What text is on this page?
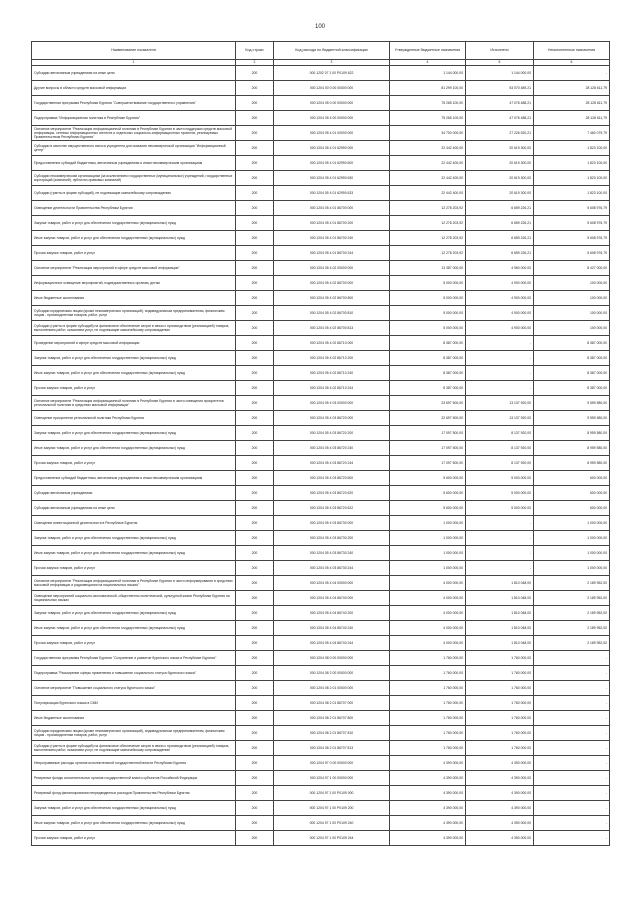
100
Наименование показателя	Код строки	Код расхода по бюджетной классификации	Утвержденные бюджетные назначения	Исполнено	Неисполненные назначения
1	2	3	4	5	6
Субсидии автономным учреждениям на иные цели	200	000 1202 07 1 00 P0109 622	1 144 000,00	1 144 000,00	-
Другие вопросы в области средств массовой информации	200	000 1204 00 0 00 00000 000	81 299 100,00	53 070 489,21	28 128 611,79
Государственная программа Республики Бурятия "Совершенствование государственного управления"	200	000 1204 05 0 00 00000 000	75 265 100,00	47 076 488,21	28 128 611,79
Подпрограмма "Информационная политика в Республике Бурятия"	200	000 1204 05 4 00 00000 000	75 265 100,00	47 076 488,21	28 128 611,79
Основное мероприятие "Реализация информационной политики в Республике Бурятия в части поддержки средств массовой информации, сетевых информационных агентств и отдельных социально-информационных проектов, реализуемых Правительством Республики Бурятия"	200	000 1204 05 4 01 00000 000	34 700 000,00	27 226 520,21	7 460 079,79
Субсидии в качестве имущественного взноса учредителя для оказания некоммерческой организации "Информационный центр"	200	000 1204 05 4 01 62990 000	22 442 400,00	20 619 300,00	1 823 100,00
Предоставление субсидий бюджетным, автономным учреждениям и иным некоммерческим организациям	200	000 1204 05 4 01 62990 600	22 442 400,00	20 619 300,00	1 823 100,00
Субсидии некоммерческим организациям (за исключением государственных (муниципальных) учреждений, государственных корпораций (компаний), публично-правовых компаний)	200	000 1204 05 4 01 62990 630	22 442 400,00	20 619 300,00	1 823 100,00
Субсидии (гранты в форме субсидий), не подлежащие казначейскому сопровождению	200	000 1204 05 4 01 62990 633	22 442 400,00	20 619 300,00	1 823 100,00
Освещение деятельности Правительства Республики Бурятия	200	000 1204 05 4 01 86700 000	12 278 203,92	6 659 226,21	5 608 976,79
Закупка товаров, работ и услуг для обеспечения государственных (муниципальных) нужд	200	000 1204 05 4 01 86700 200	12 278 203,92	6 659 226,21	5 608 976,79
Иные закупки товаров, работ и услуг для обеспечения государственных (муниципальных) нужд	200	000 1204 05 4 01 86700 240	12 278 203,92	6 659 226,21	5 608 976,79
Прочая закупка товаров, работ и услуг	200	000 1204 05 4 01 86700 244	12 278 203,92	6 659 226,21	5 608 976,79
Основное мероприятие "Реализация мероприятий в сфере средств массовой информации"	200	000 1204 05 4 02 00000 000	13 387 000,00	4 960 000,00	8 427 000,00
Информационное освещение мероприятий, подведомственных органам, детям	200	000 1204 05 4 02 86700 000	5 000 000,00	4 900 000,00	100 000,00
Иные бюджетные ассигнования	200	000 1204 05 4 02 86700 800	5 000 000,00	4 900 000,00	100 000,00
Субсидии юридическим лицам (кроме некоммерческих организаций), индивидуальным предпринимателям, физическим лицам - производителям товаров, работ, услуг	200	000 1204 05 4 02 86700 810	5 000 000,00	4 900 000,00	100 000,00
Субсидии (гранты в форме субсидий) на финансовое обеспечение затрат в связи с производством (реализацией) товаров, выполнением работ, оказанием услуг, не подлежащие казначейскому сопровождению	200	000 1204 05 4 02 86700 813	5 000 000,00	4 900 000,00	100 000,00
Проведение мероприятий в сфере средств массовой информации	200	000 1204 05 4 02 86710 000	8 387 000,00	-	8 387 000,00
Закупка товаров, работ и услуг для обеспечения государственных (муниципальных) нужд	200	000 1204 05 4 02 86710 200	8 387 000,00	-	8 387 000,00
Иные закупки товаров, работ и услуг для обеспечения государственных (муниципальных) нужд	200	000 1204 05 4 02 86710 240	8 387 000,00	-	8 387 000,00
Прочая закупка товаров, работ и услуг	200	000 1204 05 4 02 86710 244	8 387 000,00	-	8 387 000,00
Основное мероприятие "Реализация информационной политики в Республике Бурятия в части освещения приоритетов региональной политики в средствах массовой информации"	200	000 1204 05 4 03 00000 000	23 697 500,00	13 137 920,00	9 559 580,00
Освещение приоритетов региональной политики Республики Бурятия	200	000 1204 05 4 03 86720 000	22 697 500,00	13 137 920,00	9 559 580,00
Закупка товаров, работ и услуг для обеспечения государственных (муниципальных) нужд	200	000 1204 05 4 03 86720 200	17 097 500,00	8 137 920,00	8 959 580,00
Иные закупки товаров, работ и услуг для обеспечения государственных (муниципальных) нужд	200	000 1204 05 4 03 86720 240	17 097 500,00	8 137 920,00	8 959 580,00
Прочая закупка товаров, работ и услуг	200	000 1204 05 4 03 86720 244	17 097 500,00	8 137 920,00	8 959 580,00
Предоставление субсидий бюджетным, автономным учреждениям и иным некоммерческим организациям	200	000 1204 05 4 03 86720 600	5 600 000,00	5 000 000,00	600 000,00
Субсидии автономным учреждениям	200	000 1204 05 4 03 86720 620	5 600 000,00	5 000 000,00	600 000,00
Субсидии автономным учреждениям на иные цели	200	000 1204 05 4 03 86720 622	5 600 000,00	5 000 000,00	600 000,00
Освещение инвестиционной деятельности в Республике Бурятия	200	000 1204 05 4 03 86730 000	1 000 000,00	-	1 000 000,00
Закупка товаров, работ и услуг для обеспечения государственных (муниципальных) нужд	200	000 1204 05 4 03 86730 200	1 000 000,00	-	1 000 000,00
Иные закупки товаров, работ и услуг для обеспечения государственных (муниципальных) нужд	200	000 1204 05 4 03 86730 240	1 000 000,00	-	1 000 000,00
Прочая закупка товаров, работ и услуг	200	000 1204 05 4 03 86730 244	1 000 000,00	-	1 000 000,00
Основное мероприятие "Реализация информационной политики в Республике Бурятия в части информирования в средствах массовой информации и радиовещания на национальных языках"	200	000 1204 05 4 04 00000 000	4 000 000,00	1 810 048,00	2 189 952,00
Освещение мероприятий социально-экономической, общественно-политической, культурной жизни Республики Бурятия на национальных языках	200	000 1204 05 4 04 86740 000	4 000 000,00	1 810 048,00	2 189 952,00
Закупка товаров, работ и услуг для обеспечения государственных (муниципальных) нужд	200	000 1204 05 4 04 86740 200	4 000 000,00	1 810 048,00	2 189 952,00
Иные закупки товаров, работ и услуг для обеспечения государственных (муниципальных) нужд	200	000 1204 05 4 04 86740 240	4 000 000,00	1 810 048,00	2 189 952,00
Прочая закупка товаров, работ и услуг	200	000 1204 05 4 04 86740 244	4 000 000,00	1 810 048,00	2 189 952,00
Государственная программа Республики Бурятия "Сохранение и развитие бурятского языка в Республике Бурятия"	200	000 1204 08 0 00 00000 000	1 760 000,00	1 760 000,00	-
Подпрограмма "Расширение сферы применения и повышение социального статуса бурятского языка"	200	000 1204 08 2 00 00000 000	1 760 000,00	1 760 000,00	-
Основное мероприятие "Повышение социального статуса бурятского языка"	200	000 1204 08 2 01 00000 000	1 760 000,00	1 760 000,00	-
Популяризация бурятского языка в СМИ	200	000 1204 08 2 01 86707 000	1 760 000,00	1 760 000,00	-
Иные бюджетные ассигнования	200	000 1204 08 2 01 86707 800	1 760 000,00	1 760 000,00	-
Субсидии юридическим лицам (кроме некоммерческих организаций), индивидуальным предпринимателям, физическим лицам - производителям товаров, работ, услуг	200	000 1204 08 2 01 86707 810	1 760 000,00	1 760 000,00	-
Субсидии (гранты в форме субсидий) на финансовое обеспечение затрат в связи с производством (реализацией) товаров, выполнением работ, оказанием услуг, не подлежащие казначейскому сопровождению	200	000 1204 08 2 01 86707 813	1 760 000,00	1 760 000,00	-
Непрограммные расходы органов исполнительной государственной власти Республики Бурятия	200	000 1204 97 0 00 00000 000	4 390 000,00	4 390 000,00	-
Резервные фонды исполнительных органов государственной власти субъектов Российской Федерации	200	000 1204 97 1 00 00000 000	4 390 000,00	4 390 000,00	-
Резервный фонд финансирования непредвиденных расходов Правительства Республики Бурятия	200	000 1204 97 1 00 P0109 000	4 390 000,00	4 390 000,00	-
Закупка товаров, работ и услуг для обеспечения государственных (муниципальных) нужд	200	000 1204 97 1 00 P0109 200	4 390 000,00	4 390 000,00	-
Иные закупки товаров, работ и услуг для обеспечения государственных (муниципальных) нужд	200	000 1204 97 1 00 P0109 240	4 390 000,00	4 390 000,00	-
Прочая закупка товаров, работ и услуг	200	000 1204 97 1 00 P0109 244	4 390 000,00	4 390 000,00	-
